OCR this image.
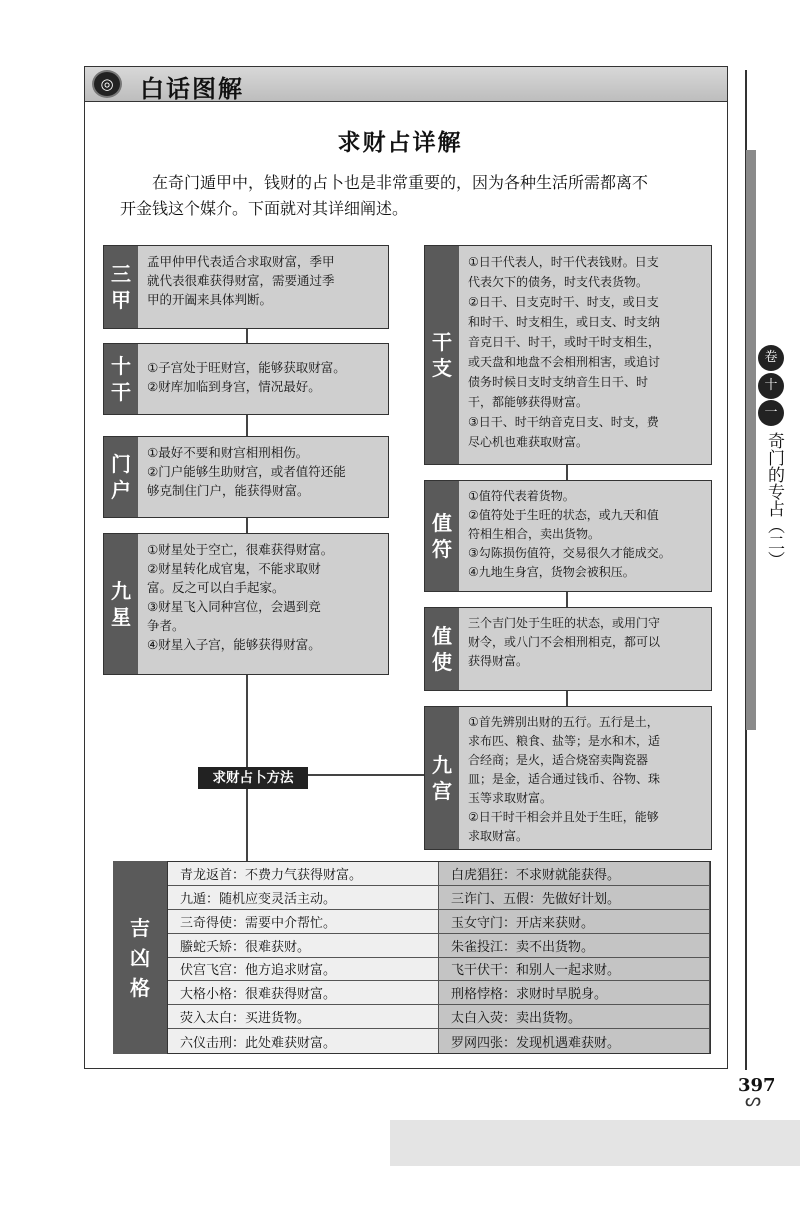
◎	白话图解
求财占详解

在奇门遁甲中，钱财的占卜也是非常重要的，因为各种生活所需都离不

开金钱这个媒介。下面就对其详细阐述。

三
甲
孟甲仲甲代表适合求取财富，季甲
就代表很难获得财富，需要通过季
甲的开阖来具体判断。
十
干
①子宫处于旺财宫，能够获取财富。
②财库加临到身宫，情况最好。
门
户
①最好不要和财宫相刑相伤。
②门户能够生助财宫，或者值符还能
够克制住门户，能获得财富。
九
星
①财星处于空亡，很难获得财富。
②财星转化成官鬼，不能求取财
富。反之可以白手起家。
③财星飞入同种宫位，会遇到竞
争者。
④财星入子宫，能够获得财富。
干
支
①日干代表人，时干代表钱财。日支
代表欠下的债务，时支代表货物。
②日干、日支克时干、时支，或日支
和时干、时支相生，或日支、时支纳
音克日干、时干，或时干时支相生，
或天盘和地盘不会相刑相害，或追讨
债务时候日支时支纳音生日干、时
干，都能够获得财富。
③日干、时干纳音克日支、时支，费
尽心机也难获取财富。
值
符
①值符代表着货物。
②值符处于生旺的状态，或九天和值
符相生相合，卖出货物。
③勾陈损伤值符，交易很久才能成交。
④九地生身宫，货物会被积压。
值
使
三个吉门处于生旺的状态，或用门守
财令，或八门不会相刑相克，都可以
获得财富。
九
宫
①首先辨别出财的五行。五行是土，
求布匹、粮食、盐等；是水和木，适
合经商；是火，适合烧窑卖陶瓷器
皿；是金，适合通过钱币、谷物、珠
玉等求取财富。
②日干时干相会并且处于生旺，能够
求取财富。
求财占卜方法
吉
凶
格
青龙返首：不费力气获得财富。	白虎猖狂：不求财就能获得。
九遁：随机应变灵活主动。	三诈门、五假：先做好计划。
三奇得使：需要中介帮忙。	玉女守门：开店来获财。
螣蛇夭矫：很难获财。	朱雀投江：卖不出货物。
伏宫飞宫：他方追求财富。	飞干伏干：和别人一起求财。
大格小格：很难获得财富。	刑格悖格：求财时早脱身。
荧入太白：买进货物。	太白入荧：卖出货物。
六仪击刑：此处难获财富。	罗网四张：发现机遇难获财。
卷
十
一
奇门的专占（二）
397
ᔕ
